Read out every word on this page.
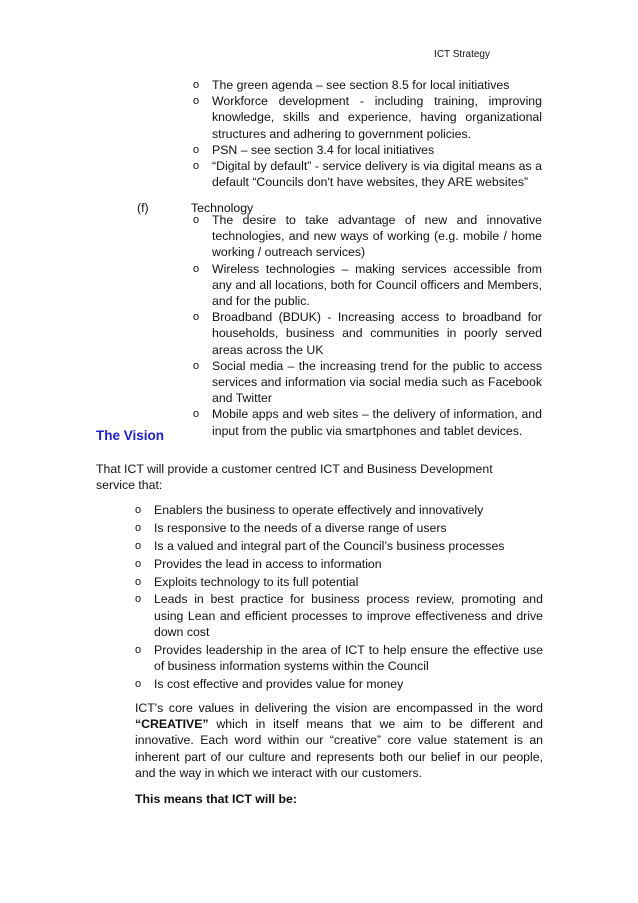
ICT Strategy
o The green agenda – see section 8.5 for local initiatives
o Workforce development - including training, improving knowledge, skills and experience, having organizational structures and adhering to government policies.
o PSN – see section 3.4 for local initiatives
o “Digital by default” - service delivery is via digital means as a default “Councils don't have websites, they ARE websites”
(f)	Technology
o The desire to take advantage of new and innovative technologies, and new ways of working (e.g. mobile / home working / outreach services)
o Wireless technologies – making services accessible from any and all locations, both for Council officers and Members, and for the public.
o Broadband (BDUK) - Increasing access to broadband for households, business and communities in poorly served areas across the UK
o Social media – the increasing trend for the public to access services and information via social media such as Facebook and Twitter
o Mobile apps and web sites – the delivery of information, and input from the public via smartphones and tablet devices.
The Vision
That ICT will provide a customer centred ICT and Business Development service that:
o Enablers the business to operate effectively and innovatively
o Is responsive to the needs of a diverse range of users
o Is a valued and integral part of the Council’s business processes
o Provides the lead in access to information
o Exploits technology to its full potential
o Leads in best practice for business process review, promoting and using Lean and efficient processes to improve effectiveness and drive down cost
o Provides leadership in the area of ICT to help ensure the effective use of business information systems within the Council
o Is cost effective and provides value for money
ICT's core values in delivering the vision are encompassed in the word “CREATIVE” which in itself means that we aim to be different and innovative. Each word within our “creative” core value statement is an inherent part of our culture and represents both our belief in our people, and the way in which we interact with our customers.
This means that ICT will be:
